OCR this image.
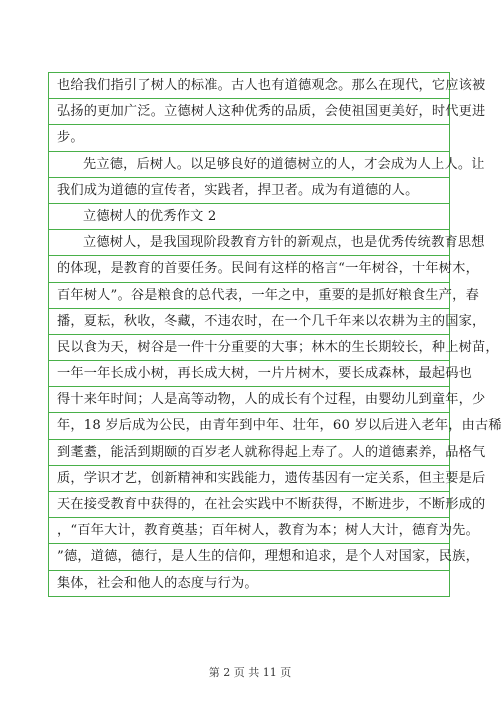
也给我们指引了树人的标准。古人也有道德观念。那么在现代，它应该被
弘扬的更加广泛。立德树人这种优秀的品质，会使祖国更美好，时代更进
步。
先立德，后树人。以足够良好的道德树立的人，才会成为人上人。让
我们成为道德的宣传者，实践者，捍卫者。成为有道德的人。
立德树人的优秀作文 2
立德树人，是我国现阶段教育方针的新观点，也是优秀传统教育思想
的体现，是教育的首要任务。民间有这样的格言“一年树谷，十年树木，
百年树人”。谷是粮食的总代表，一年之中，重要的是抓好粮食生产，春
播，夏耘，秋收，冬藏，不违农时，在一个几千年来以农耕为主的国家，
民以食为天，树谷是一件十分重要的大事；林木的生长期较长，种上树苗，
一年一年长成小树，再长成大树，一片片树木，要长成森林，最起码也
得十来年时间；人是高等动物，人的成长有个过程，由婴幼儿到童年，少
年，18 岁后成为公民，由青年到中年、壮年，60 岁以后进入老年，由古稀
到耄耋，能活到期颐的百岁老人就称得起上寿了。人的道德素养，品格气
质，学识才艺，创新精神和实践能力，遗传基因有一定关系，但主要是后
天在接受教育中获得的，在社会实践中不断获得，不断进步，不断形成的
，“百年大计，教育奠基；百年树人，教育为本；树人大计，德育为先。
”德，道德，德行，是人生的信仰，理想和追求，是个人对国家，民族，
集体，社会和他人的态度与行为。
第 2 页 共 11 页
